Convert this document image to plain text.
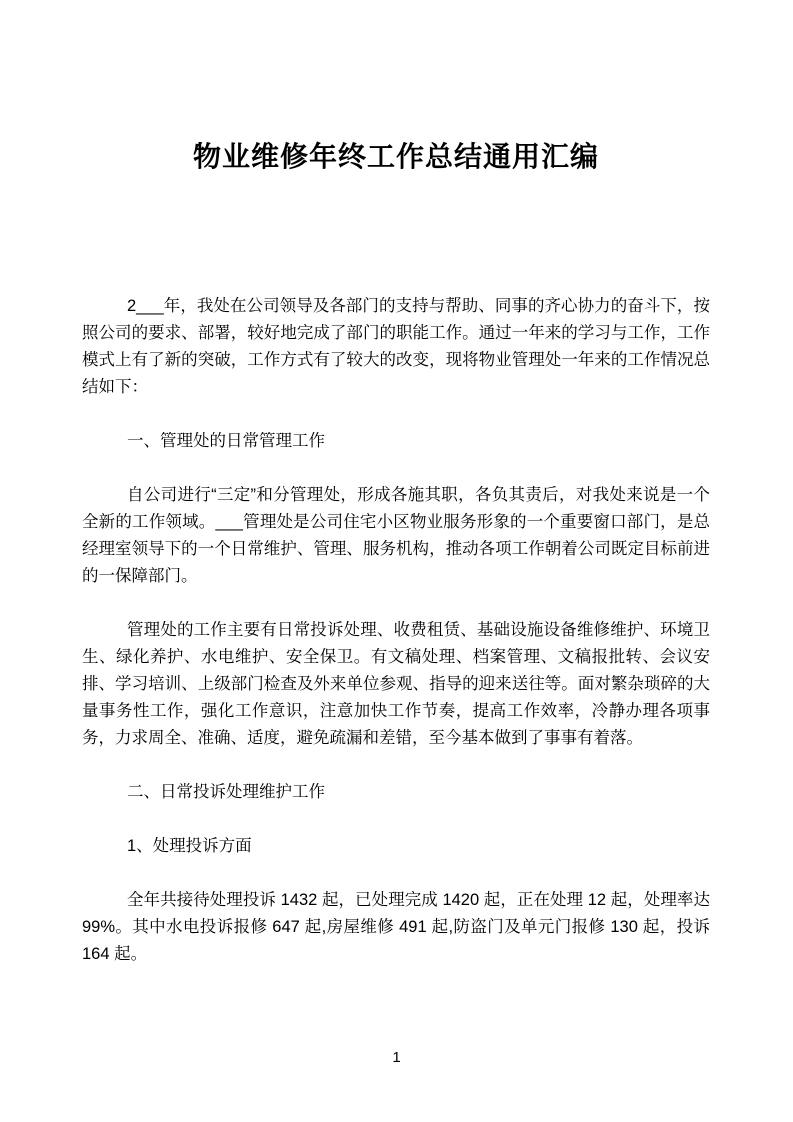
物业维修年终工作总结通用汇编

2___年，我处在公司领导及各部门的支持与帮助、同事的齐心协力的奋斗下，按照公司的要求、部署，较好地完成了部门的职能工作。通过一年来的学习与工作，工作模式上有了新的突破，工作方式有了较大的改变，现将物业管理处一年来的工作情况总结如下：

一、管理处的日常管理工作

自公司进行“三定”和分管理处，形成各施其职，各负其责后，对我处来说是一个全新的工作领域。___管理处是公司住宅小区物业服务形象的一个重要窗口部门，是总经理室领导下的一个日常维护、管理、服务机构，推动各项工作朝着公司既定目标前进的一保障部门。

管理处的工作主要有日常投诉处理、收费租赁、基础设施设备维修维护、环境卫生、绿化养护、水电维护、安全保卫。有文稿处理、档案管理、文稿报批转、会议安排、学习培训、上级部门检查及外来单位参观、指导的迎来送往等。面对繁杂琐碎的大量事务性工作，强化工作意识，注意加快工作节奏，提高工作效率，冷静办理各项事务，力求周全、准确、适度，避免疏漏和差错，至今基本做到了事事有着落。

二、日常投诉处理维护工作

1、处理投诉方面

全年共接待处理投诉 1432 起，已处理完成 1420 起，正在处理 12 起，处理率达 99%。其中水电投诉报修 647 起,房屋维修 491 起,防盗门及单元门报修 130 起，投诉 164 起。

1
